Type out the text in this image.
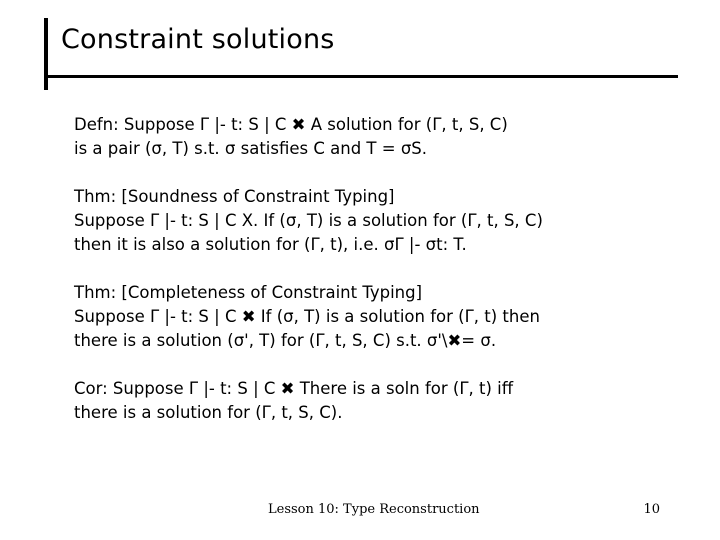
Constraint solutions

Defn: Suppose Γ |- t: S | C ✖ A solution for (Γ, t, S, C)
is a pair (σ, T) s.t. σ satisfies C and T = σS.

Thm: [Soundness of Constraint Typing]
Suppose Γ |- t: S | C X. If (σ, T) is a solution for (Γ, t, S, C)
then it is also a solution for (Γ, t), i.e. σΓ |- σt: T.

Thm: [Completeness of Constraint Typing]
Suppose Γ |- t: S | C ✖ If (σ, T) is a solution for (Γ, t) then
there is a solution (σ', T) for (Γ, t, S, C) s.t. σ'\✖= σ.

Cor: Suppose Γ |- t: S | C ✖ There is a soln for (Γ, t) iff
there is a solution for (Γ, t, S, C).

Lesson 10: Type Reconstruction	10
